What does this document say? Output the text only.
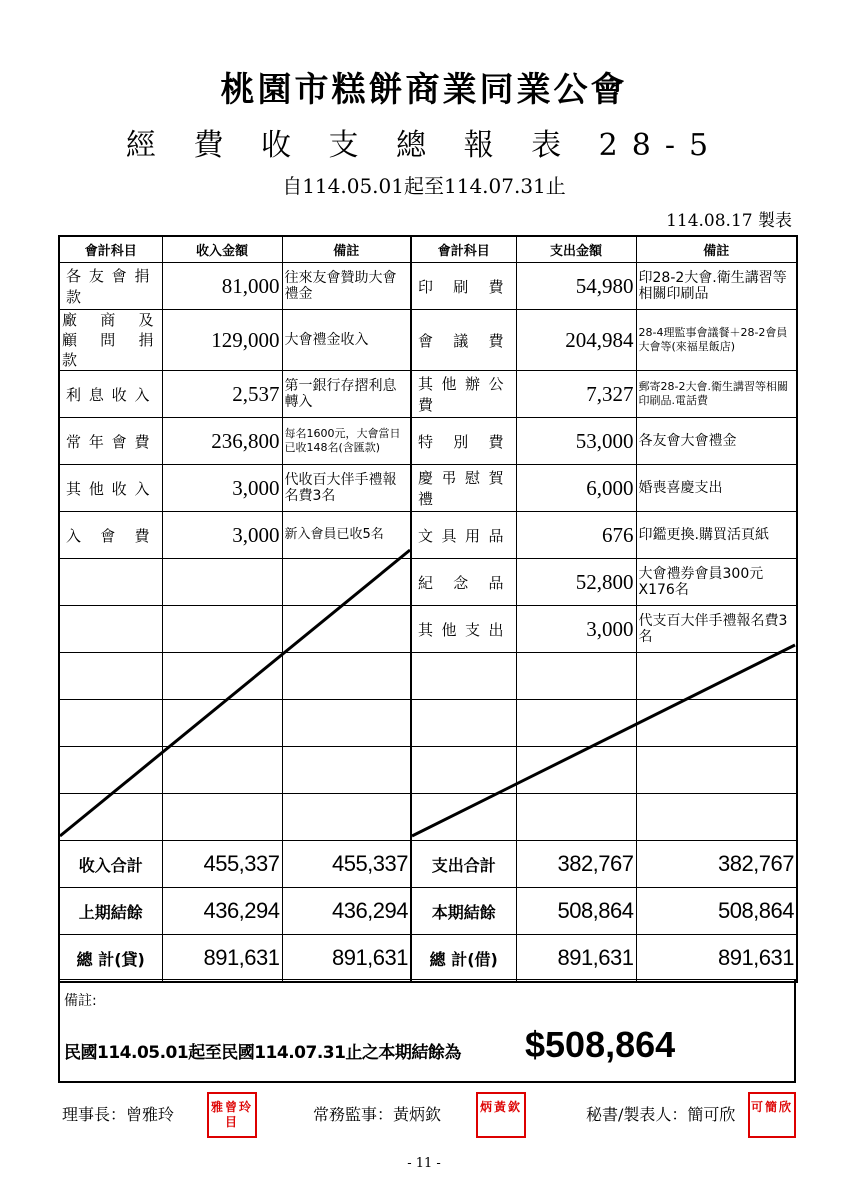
桃園市糕餅商業同業公會
經 費 收 支 總 報 表 28-5
自114.05.01起至114.07.31止
114.08.17 製表
會計科目	收入金額	備註	會計科目	支出金額	備註
各友會捐款	81,000	往來友會贊助大會禮金	印 刷 費	54,980	印28-2大會.衛生講習等相關印刷品

廠 商 及
顧 問 捐 款	129,000	大會禮金收入	會 議 費	204,984	28-4理監事會議餐＋28-2會員大會等(來福星飯店)
利息收入	2,537	第一銀行存摺利息轉入	其他辦公費	7,327	郵寄28-2大會.衛生講習等相關印刷品.電話費
常年會費	236,800	每名1600元，大會當日已收148名(含匯款)	特 別 費	53,000	各友會大會禮金
其他收入	3,000	代收百大伴手禮報名費3名	慶弔慰賀禮	6,000	婚喪喜慶支出
入 會 費	3,000	新入會員已收5名	文具用品	676	印鑑更換.購買活頁紙
			紀 念 品	52,800	大會禮券會員300元X176名
			其他支出	3,000	代支百大伴手禮報名費3名

收入合計	455,337	455,337	支出合計	382,767	382,767
上期結餘	436,294	436,294	本期結餘	508,864	508,864
總 計(貸)	891,631	891,631	總 計(借)	891,631	891,631
備註:
民國114.05.01起至民國114.07.31止之本期結餘為 $508,864
理事長：曾雅玲	雅曾玲目	常務監事：黃炳欽	炳黃欽	秘書/製表人：簡可欣 可簡欣
- 11 -
